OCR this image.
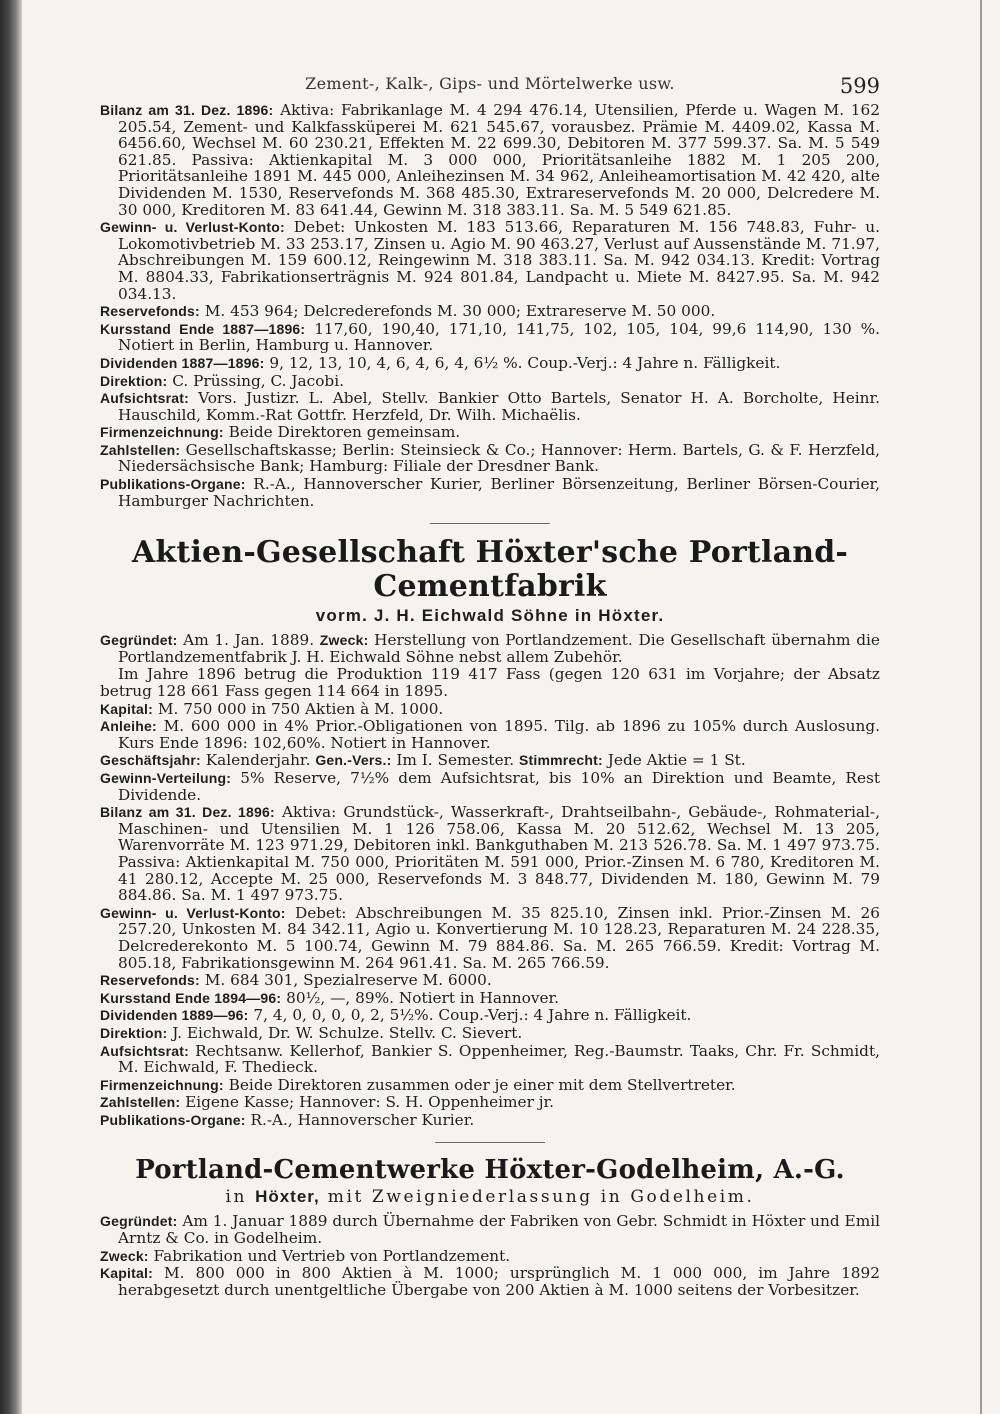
Zement-, Kalk-, Gips- und Mörtelwerke usw.	599

Bilanz am 31. Dez. 1896: Aktiva: Fabrikanlage M. 4 294 476.14, Utensilien, Pferde u. Wagen M. 162 205.54, Zement- und Kalkfassküperei M. 621 545.67, vorausbez. Prämie M. 4409.02, Kassa M. 6456.60, Wechsel M. 60 230.21, Effekten M. 22 699.30, Debitoren M. 377 599.37. Sa. M. 5 549 621.85. Passiva: Aktienkapital M. 3 000 000, Prioritätsanleihe 1882 M. 1 205 200, Prioritätsanleihe 1891 M. 445 000, Anleihezinsen M. 34 962, Anleiheamortisation M. 42 420, alte Dividenden M. 1530, Reservefonds M. 368 485.30, Extrareservefonds M. 20 000, Delcredere M. 30 000, Kreditoren M. 83 641.44, Gewinn M. 318 383.11. Sa. M. 5 549 621.85.

Gewinn- u. Verlust-Konto: Debet: Unkosten M. 183 513.66, Reparaturen M. 156 748.83, Fuhr- u. Lokomotivbetrieb M. 33 253.17, Zinsen u. Agio M. 90 463.27, Verlust auf Aussenstände M. 71.97, Abschreibungen M. 159 600.12, Reingewinn M. 318 383.11. Sa. M. 942 034.13. Kredit: Vortrag M. 8804.33, Fabrikationserträgnis M. 924 801.84, Landpacht u. Miete M. 8427.95. Sa. M. 942 034.13.

Reservefonds: M. 453 964; Delcrederefonds M. 30 000; Extrareserve M. 50 000.

Kursstand Ende 1887—1896: 117,60, 190,40, 171,10, 141,75, 102, 105, 104, 99,6 114,90, 130 %. Notiert in Berlin, Hamburg u. Hannover.

Dividenden 1887—1896: 9, 12, 13, 10, 4, 6, 4, 6, 4, 6½ %. Coup.-Verj.: 4 Jahre n. Fälligkeit.

Direktion: C. Prüssing, C. Jacobi.

Aufsichtsrat: Vors. Justizr. L. Abel, Stellv. Bankier Otto Bartels, Senator H. A. Borcholte, Heinr. Hauschild, Komm.-Rat Gottfr. Herzfeld, Dr. Wilh. Michaëlis.

Firmenzeichnung: Beide Direktoren gemeinsam.

Zahlstellen: Gesellschaftskasse; Berlin: Steinsieck & Co.; Hannover: Herm. Bartels, G. & F. Herzfeld, Niedersächsische Bank; Hamburg: Filiale der Dresdner Bank.

Publikations-Organe: R.-A., Hannoverscher Kurier, Berliner Börsenzeitung, Berliner Börsen-Courier, Hamburger Nachrichten.

Aktien-Gesellschaft Höxter'sche Portland-Cementfabrik
vorm. J. H. Eichwald Söhne in Höxter.

Gegründet: Am 1. Jan. 1889. Zweck: Herstellung von Portlandzement. Die Gesellschaft übernahm die Portlandzementfabrik J. H. Eichwald Söhne nebst allem Zubehör.

Im Jahre 1896 betrug die Produktion 119 417 Fass (gegen 120 631 im Vorjahre; der Absatz betrug 128 661 Fass gegen 114 664 in 1895.

Kapital: M. 750 000 in 750 Aktien à M. 1000.

Anleihe: M. 600 000 in 4% Prior.-Obligationen von 1895. Tilg. ab 1896 zu 105% durch Auslosung. Kurs Ende 1896: 102,60%. Notiert in Hannover.

Geschäftsjahr: Kalenderjahr. Gen.-Vers.: Im I. Semester. Stimmrecht: Jede Aktie = 1 St.

Gewinn-Verteilung: 5% Reserve, 7½% dem Aufsichtsrat, bis 10% an Direktion und Beamte, Rest Dividende.

Bilanz am 31. Dez. 1896: Aktiva: Grundstück-, Wasserkraft-, Drahtseilbahn-, Gebäude-, Rohmaterial-, Maschinen- und Utensilien M. 1 126 758.06, Kassa M. 20 512.62, Wechsel M. 13 205, Warenvorräte M. 123 971.29, Debitoren inkl. Bankguthaben M. 213 526.78. Sa. M. 1 497 973.75. Passiva: Aktienkapital M. 750 000, Prioritäten M. 591 000, Prior.-Zinsen M. 6 780, Kreditoren M. 41 280.12, Accepte M. 25 000, Reservefonds M. 3 848.77, Dividenden M. 180, Gewinn M. 79 884.86. Sa. M. 1 497 973.75.

Gewinn- u. Verlust-Konto: Debet: Abschreibungen M. 35 825.10, Zinsen inkl. Prior.-Zinsen M. 26 257.20, Unkosten M. 84 342.11, Agio u. Konvertierung M. 10 128.23, Reparaturen M. 24 228.35, Delcrederekonto M. 5 100.74, Gewinn M. 79 884.86. Sa. M. 265 766.59. Kredit: Vortrag M. 805.18, Fabrikationsgewinn M. 264 961.41. Sa. M. 265 766.59.

Reservefonds: M. 684 301, Spezialreserve M. 6000.

Kursstand Ende 1894—96: 80½, —, 89%. Notiert in Hannover.

Dividenden 1889—96: 7, 4, 0, 0, 0, 0, 2, 5½%. Coup.-Verj.: 4 Jahre n. Fälligkeit.

Direktion: J. Eichwald, Dr. W. Schulze. Stellv. C. Sievert.

Aufsichtsrat: Rechtsanw. Kellerhof, Bankier S. Oppenheimer, Reg.-Baumstr. Taaks, Chr. Fr. Schmidt, M. Eichwald, F. Thedieck.

Firmenzeichnung: Beide Direktoren zusammen oder je einer mit dem Stellvertreter.

Zahlstellen: Eigene Kasse; Hannover: S. H. Oppenheimer jr.

Publikations-Organe: R.-A., Hannoverscher Kurier.

Portland-Cementwerke Höxter-Godelheim, A.-G.
in Höxter, mit Zweigniederlassung in Godelheim.

Gegründet: Am 1. Januar 1889 durch Übernahme der Fabriken von Gebr. Schmidt in Höxter und Emil Arntz & Co. in Godelheim.

Zweck: Fabrikation und Vertrieb von Portlandzement.

Kapital: M. 800 000 in 800 Aktien à M. 1000; ursprünglich M. 1 000 000, im Jahre 1892 herabgesetzt durch unentgeltliche Übergabe von 200 Aktien à M. 1000 seitens der Vorbesitzer.
